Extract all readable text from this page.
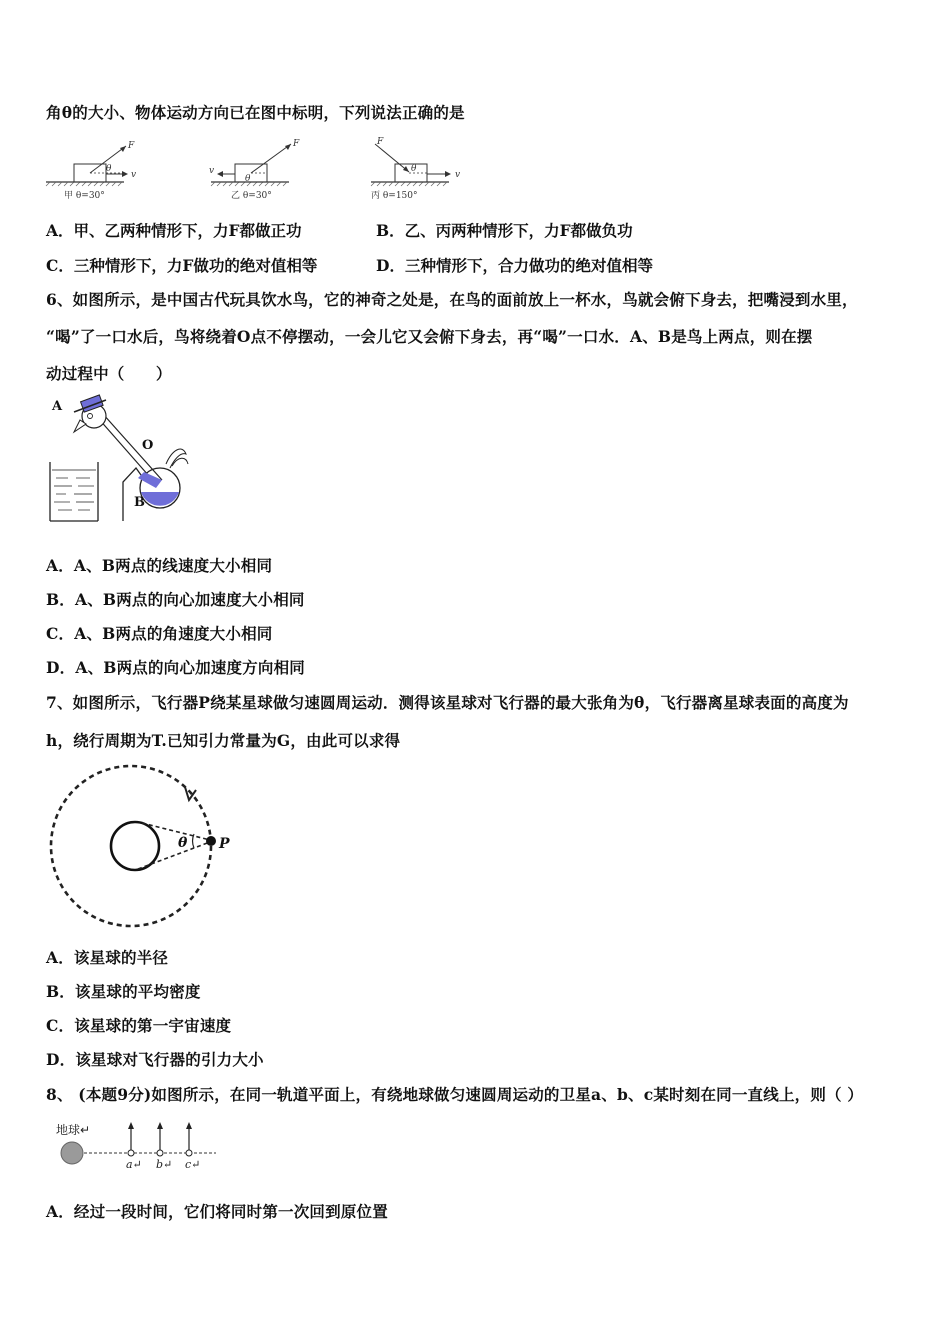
角θ的大小、物体运动方向已在图中标明，下列说法正确的是
F
θ
v
甲 θ=30°
F
θ
v
乙 θ=30°
F
θ
v
丙 θ=150°
A．甲、乙两种情形下，力F都做正功	B．乙、丙两种情形下，力F都做负功
C．三种情形下，力F做功的绝对值相等	D．三种情形下，合力做功的绝对值相等
6、如图所示，是中国古代玩具饮水鸟，它的神奇之处是，在鸟的面前放上一杯水，鸟就会俯下身去，把嘴浸到水里，
“喝”了一口水后，鸟将绕着O点不停摆动，一会儿它又会俯下身去，再“喝”一口水．A、B是鸟上两点，则在摆
动过程中（　　）
A
O
B
A．A、B两点的线速度大小相同
B．A、B两点的向心加速度大小相同
C．A、B两点的角速度大小相同
D．A、B两点的向心加速度方向相同
7、如图所示，飞行器P绕某星球做匀速圆周运动．测得该星球对飞行器的最大张角为θ，飞行器离星球表面的高度为
h，绕行周期为T.已知引力常量为G，由此可以求得
θ P
A．该星球的半径
B．该星球的平均密度
C．该星球的第一宇宙速度
D．该星球对飞行器的引力大小
8、 (本题9分)如图所示，在同一轨道平面上，有绕地球做匀速圆周运动的卫星a、b、c某时刻在同一直线上，则（ ）
地球↵
a↵ b↵ c↵
A．经过一段时间，它们将同时第一次回到原位置
